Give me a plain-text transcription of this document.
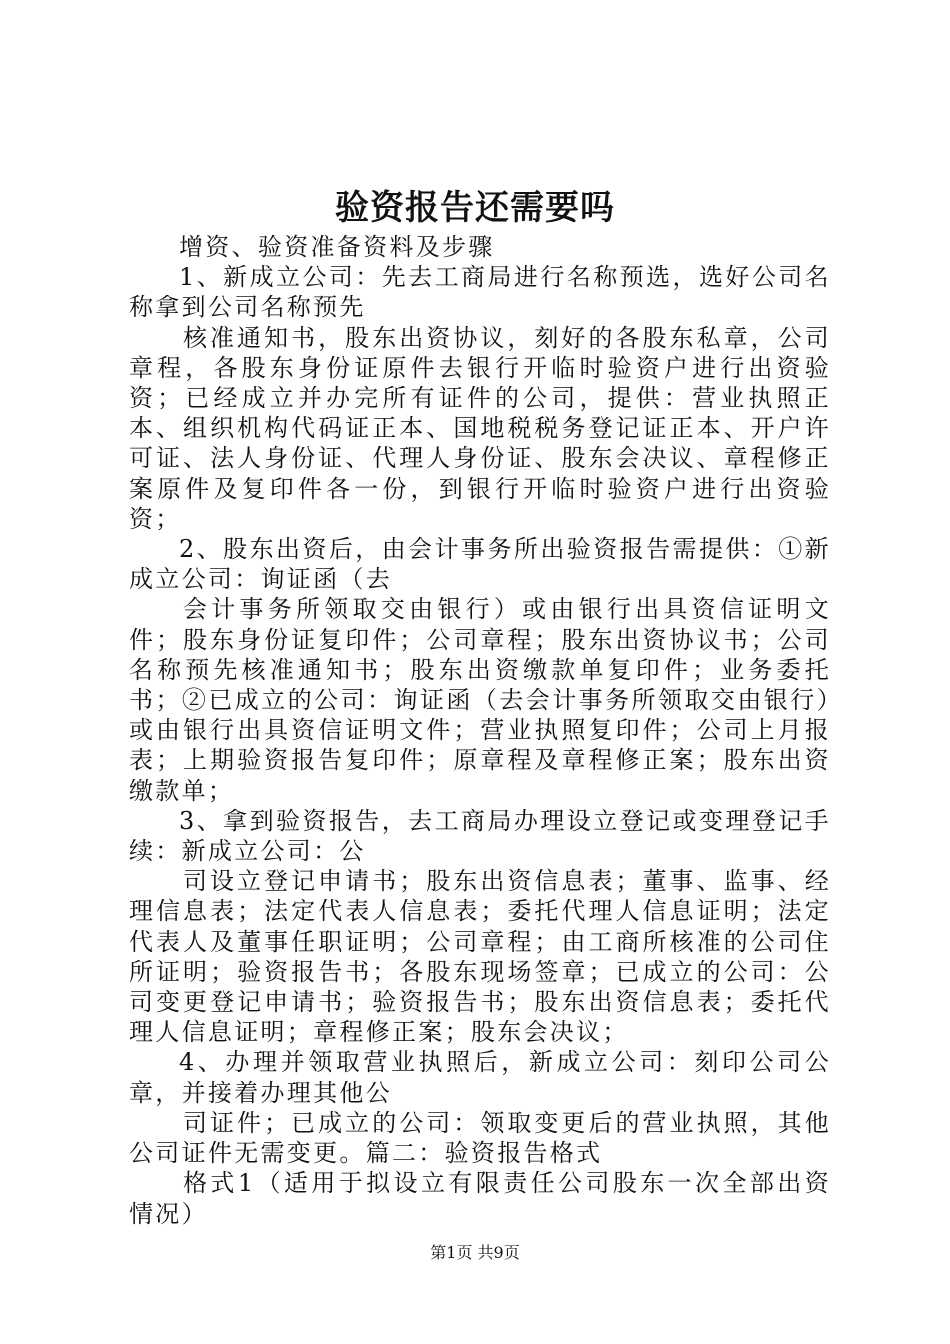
验资报告还需要吗

增资、验资准备资料及步骤

1、新成立公司：先去工商局进行名称预选，选好公司名称拿到公司名称预先

核准通知书，股东出资协议，刻好的各股东私章，公司章程，各股东身份证原件去银行开临时验资户进行出资验资；已经成立并办完所有证件的公司，提供：营业执照正本、组织机构代码证正本、国地税税务登记证正本、开户许可证、法人身份证、代理人身份证、股东会决议、章程修正案原件及复印件各一份，到银行开临时验资户进行出资验资；

2、股东出资后，由会计事务所出验资报告需提供：①新成立公司：询证函（去

会计事务所领取交由银行）或由银行出具资信证明文件；股东身份证复印件；公司章程；股东出资协议书；公司名称预先核准通知书；股东出资缴款单复印件；业务委托书；②已成立的公司：询证函（去会计事务所领取交由银行）或由银行出具资信证明文件；营业执照复印件；公司上月报表；上期验资报告复印件；原章程及章程修正案；股东出资缴款单；

3、拿到验资报告，去工商局办理设立登记或变理登记手续：新成立公司：公

司设立登记申请书；股东出资信息表；董事、监事、经理信息表；法定代表人信息表；委托代理人信息证明；法定代表人及董事任职证明；公司章程；由工商所核准的公司住所证明；验资报告书；各股东现场签章；已成立的公司：公司变更登记申请书；验资报告书；股东出资信息表；委托代理人信息证明；章程修正案；股东会决议；

4、办理并领取营业执照后，新成立公司：刻印公司公章，并接着办理其他公

司证件；已成立的公司：领取变更后的营业执照，其他公司证件无需变更。篇二：验资报告格式

格式1（适用于拟设立有限责任公司股东一次全部出资情况）

第1页 共9页
